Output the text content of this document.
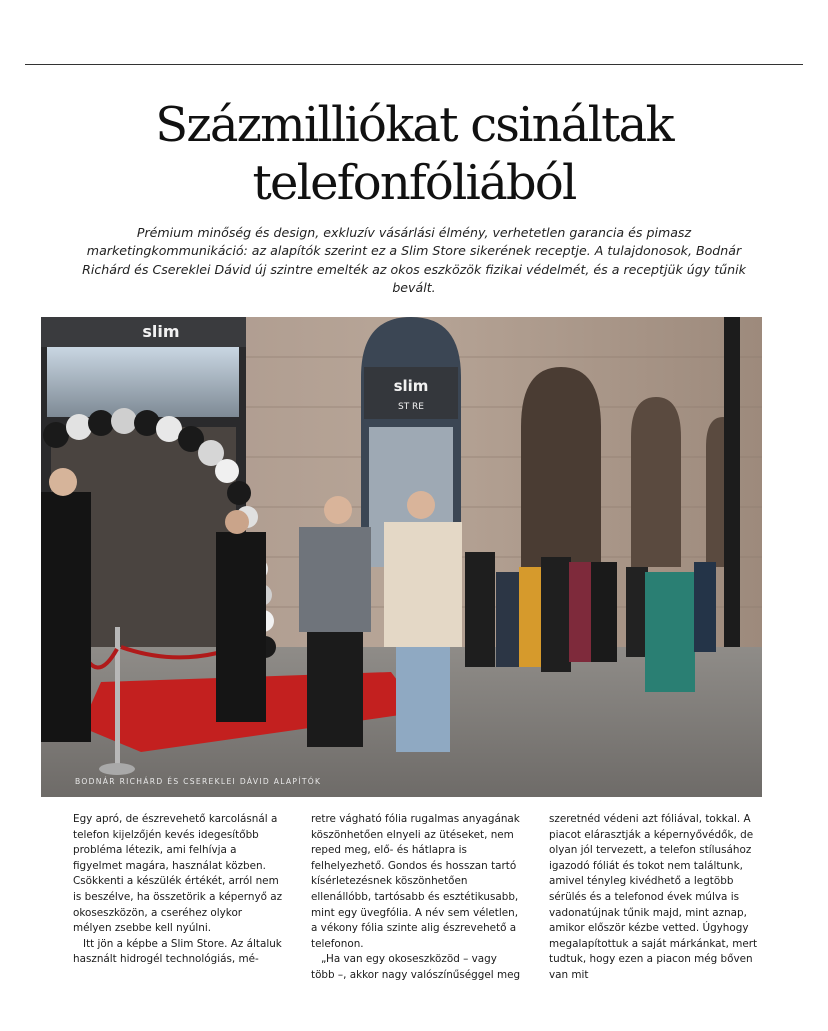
Százmilliókat csináltak
telefonfóliából

Prémium minőség és design, exkluzív vásárlási élmény, verhetetlen garancia és pimasz marketingkommunikáció: az alapítók szerint ez a Slim Store sikerének receptje. A tulajdonosok, Bodnár Richárd és Csereklei Dávid új szintre emelték az okos eszközök fizikai védelmét, és a receptjük úgy tűnik bevált.

slim
slim
ST RE
BODNÁR RICHÁRD ÉS CSEREKLEI DÁVID ALAPÍTÓK

Egy apró, de észrevehető karcolásnál a telefon kijelzőjén kevés idegesítőbb probléma létezik, ami felhívja a figyelmet magára, használat közben. Csökkenti a készülék értékét, arról nem is beszélve, ha összetörik a képernyő az okoseszközön, a cseréhez olykor mélyen zsebbe kell nyúlni.

Itt jön a képbe a Slim Store. Az általuk használt hidrogél technológiás, mé-

retre vágható fólia rugalmas anyagának köszönhetően elnyeli az ütéseket, nem reped meg, elő- és hátlapra is felhelyezhető. Gondos és hosszan tartó kísérletezésnek köszönhetően ellenállóbb, tartósabb és esztétikusabb, mint egy üvegfólia. A név sem véletlen, a vékony fólia szinte alig észrevehető a telefonon.

„Ha van egy okoseszközöd – vagy több –, akkor nagy valószínűséggel meg

szeretnéd védeni azt fóliával, tokkal. A piacot elárasztják a képernyővédők, de olyan jól tervezett, a telefon stílusához igazodó fóliát és tokot nem találtunk, amivel tényleg kivédhető a legtöbb sérülés és a telefonod évek múlva is vadonatújnak tűnik majd, mint aznap, amikor először kézbe vetted. Úgyhogy megalapítottuk a saját márkánkat, mert tudtuk, hogy ezen a piacon még bőven van mit
